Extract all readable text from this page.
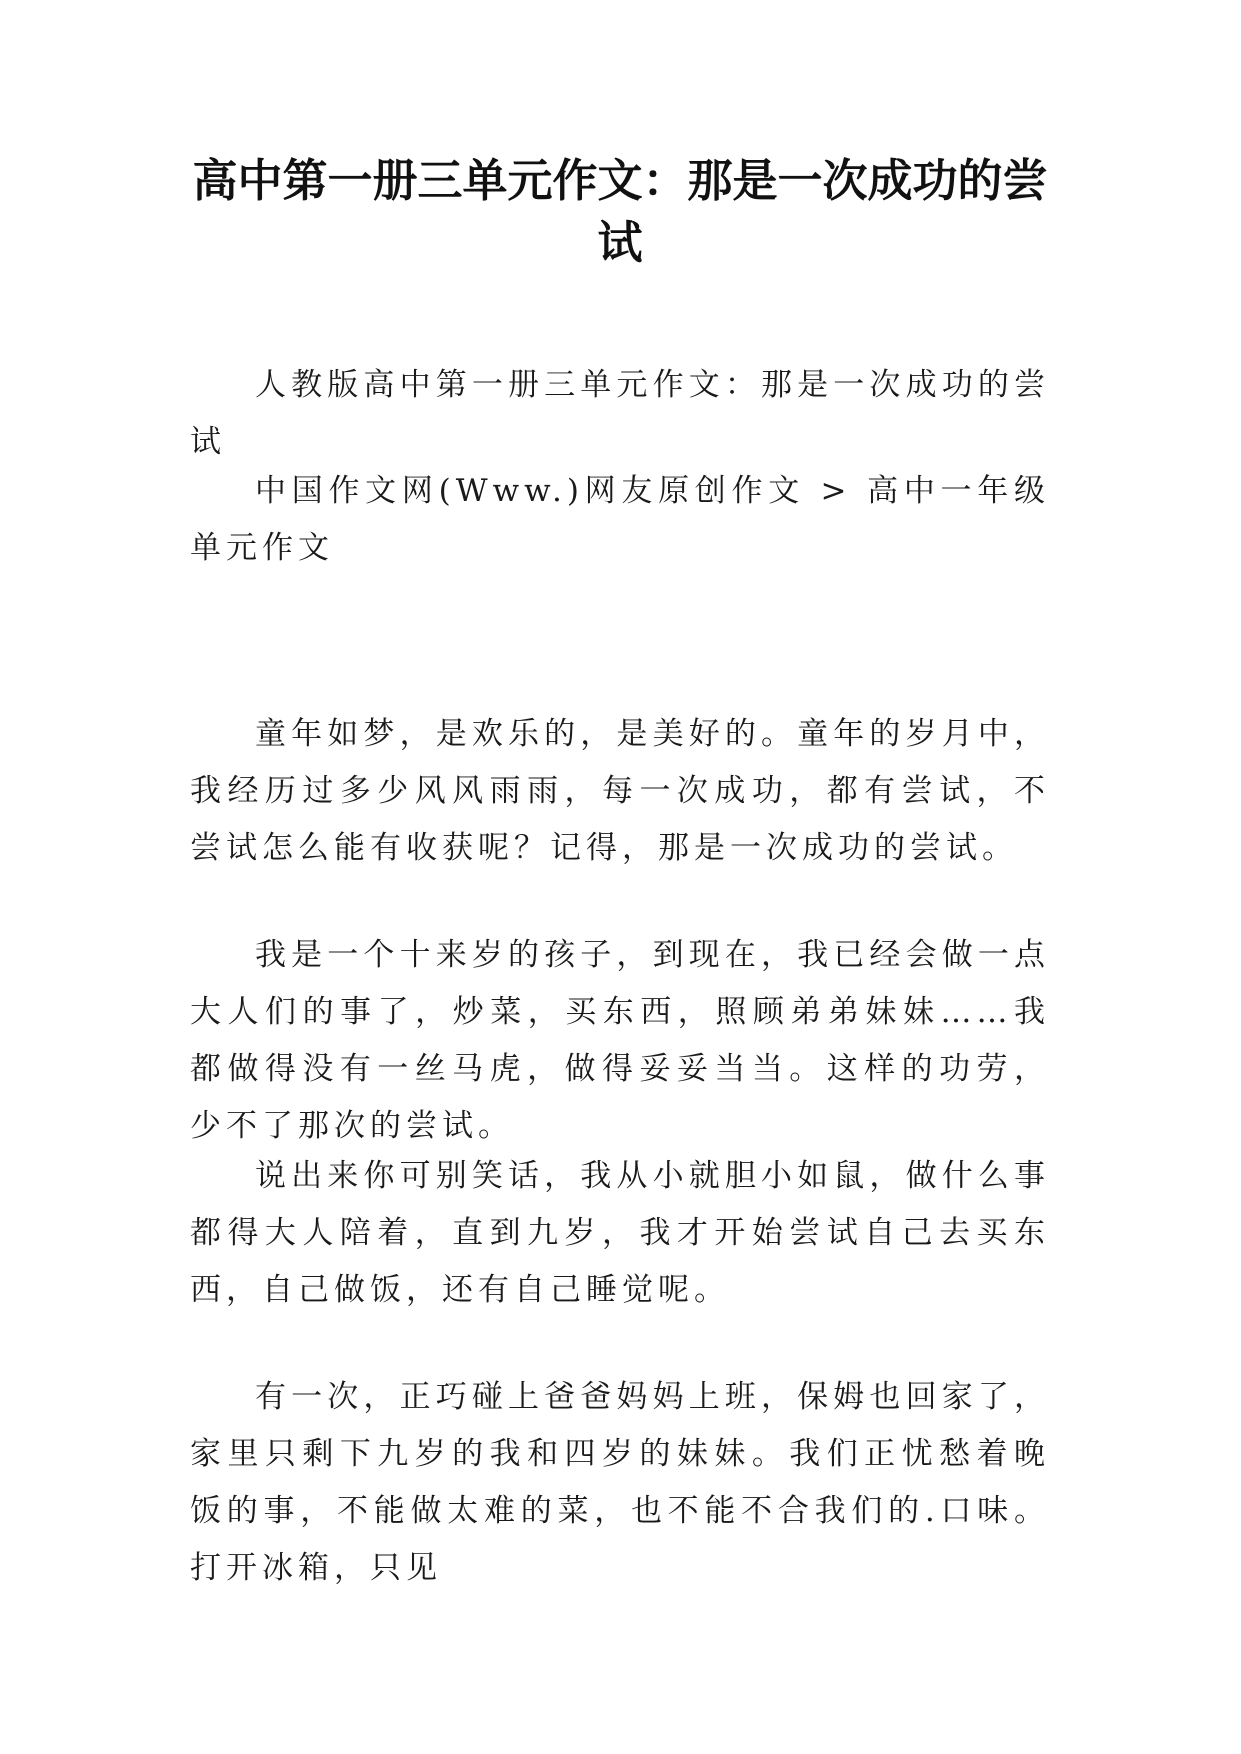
高中第一册三单元作文：那是一次成功的尝试

人教版高中第一册三单元作文：那是一次成功的尝试

中国作文网(Www.)网友原创作文 > 高中一年级单元作文

童年如梦，是欢乐的，是美好的。童年的岁月中，我经历过多少风风雨雨，每一次成功，都有尝试，不尝试怎么能有收获呢？记得，那是一次成功的尝试。

我是一个十来岁的孩子，到现在，我已经会做一点大人们的事了，炒菜，买东西，照顾弟弟妹妹……我都做得没有一丝马虎，做得妥妥当当。这样的功劳，少不了那次的尝试。

说出来你可别笑话，我从小就胆小如鼠，做什么事都得大人陪着，直到九岁，我才开始尝试自己去买东西，自己做饭，还有自己睡觉呢。

有一次，正巧碰上爸爸妈妈上班，保姆也回家了，家里只剩下九岁的我和四岁的妹妹。我们正忧愁着晚饭的事，不能做太难的菜，也不能不合我们的.口味。打开冰箱，只见
